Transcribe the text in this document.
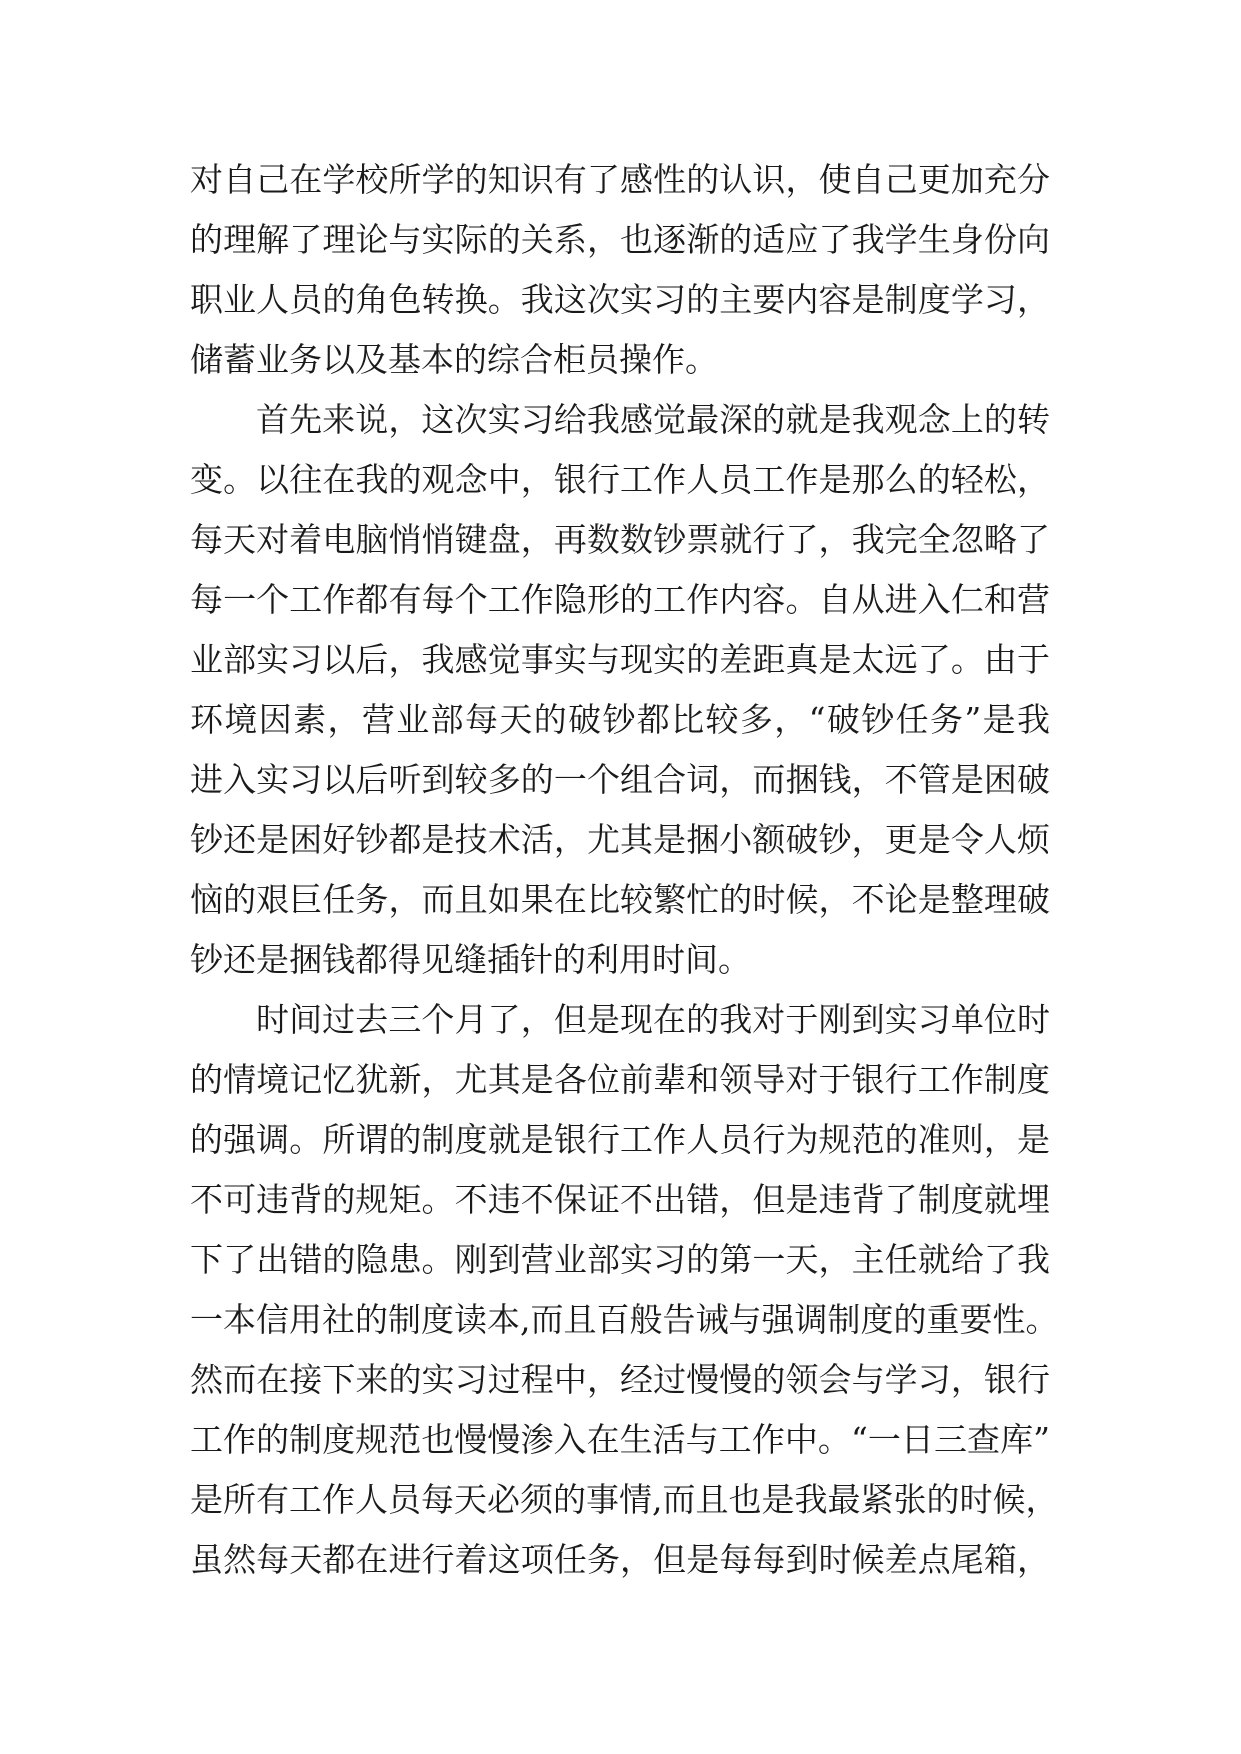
对自己在学校所学的知识有了感性的认识，使自己更加充分
的理解了理论与实际的关系，也逐渐的适应了我学生身份向
职业人员的角色转换。我这次实习的主要内容是制度学习，
储蓄业务以及基本的综合柜员操作。
首先来说，这次实习给我感觉最深的就是我观念上的转
变。以往在我的观念中，银行工作人员工作是那么的轻松，
每天对着电脑悄悄键盘，再数数钞票就行了，我完全忽略了
每一个工作都有每个工作隐形的工作内容。自从进入仁和营
业部实习以后，我感觉事实与现实的差距真是太远了。由于
环境因素，营业部每天的破钞都比较多，“破钞任务”是我
进入实习以后听到较多的一个组合词，而捆钱，不管是困破
钞还是困好钞都是技术活，尤其是捆小额破钞，更是令人烦
恼的艰巨任务，而且如果在比较繁忙的时候，不论是整理破
钞还是捆钱都得见缝插针的利用时间。
时间过去三个月了，但是现在的我对于刚到实习单位时
的情境记忆犹新，尤其是各位前辈和领导对于银行工作制度
的强调。所谓的制度就是银行工作人员行为规范的准则，是
不可违背的规矩。不违不保证不出错，但是违背了制度就埋
下了出错的隐患。刚到营业部实习的第一天，主任就给了我
一本信用社的制度读本,而且百般告诫与强调制度的重要性。
然而在接下来的实习过程中，经过慢慢的领会与学习，银行
工作的制度规范也慢慢渗入在生活与工作中。“一日三查库”
是所有工作人员每天必须的事情,而且也是我最紧张的时候，
虽然每天都在进行着这项任务，但是每每到时候差点尾箱，
